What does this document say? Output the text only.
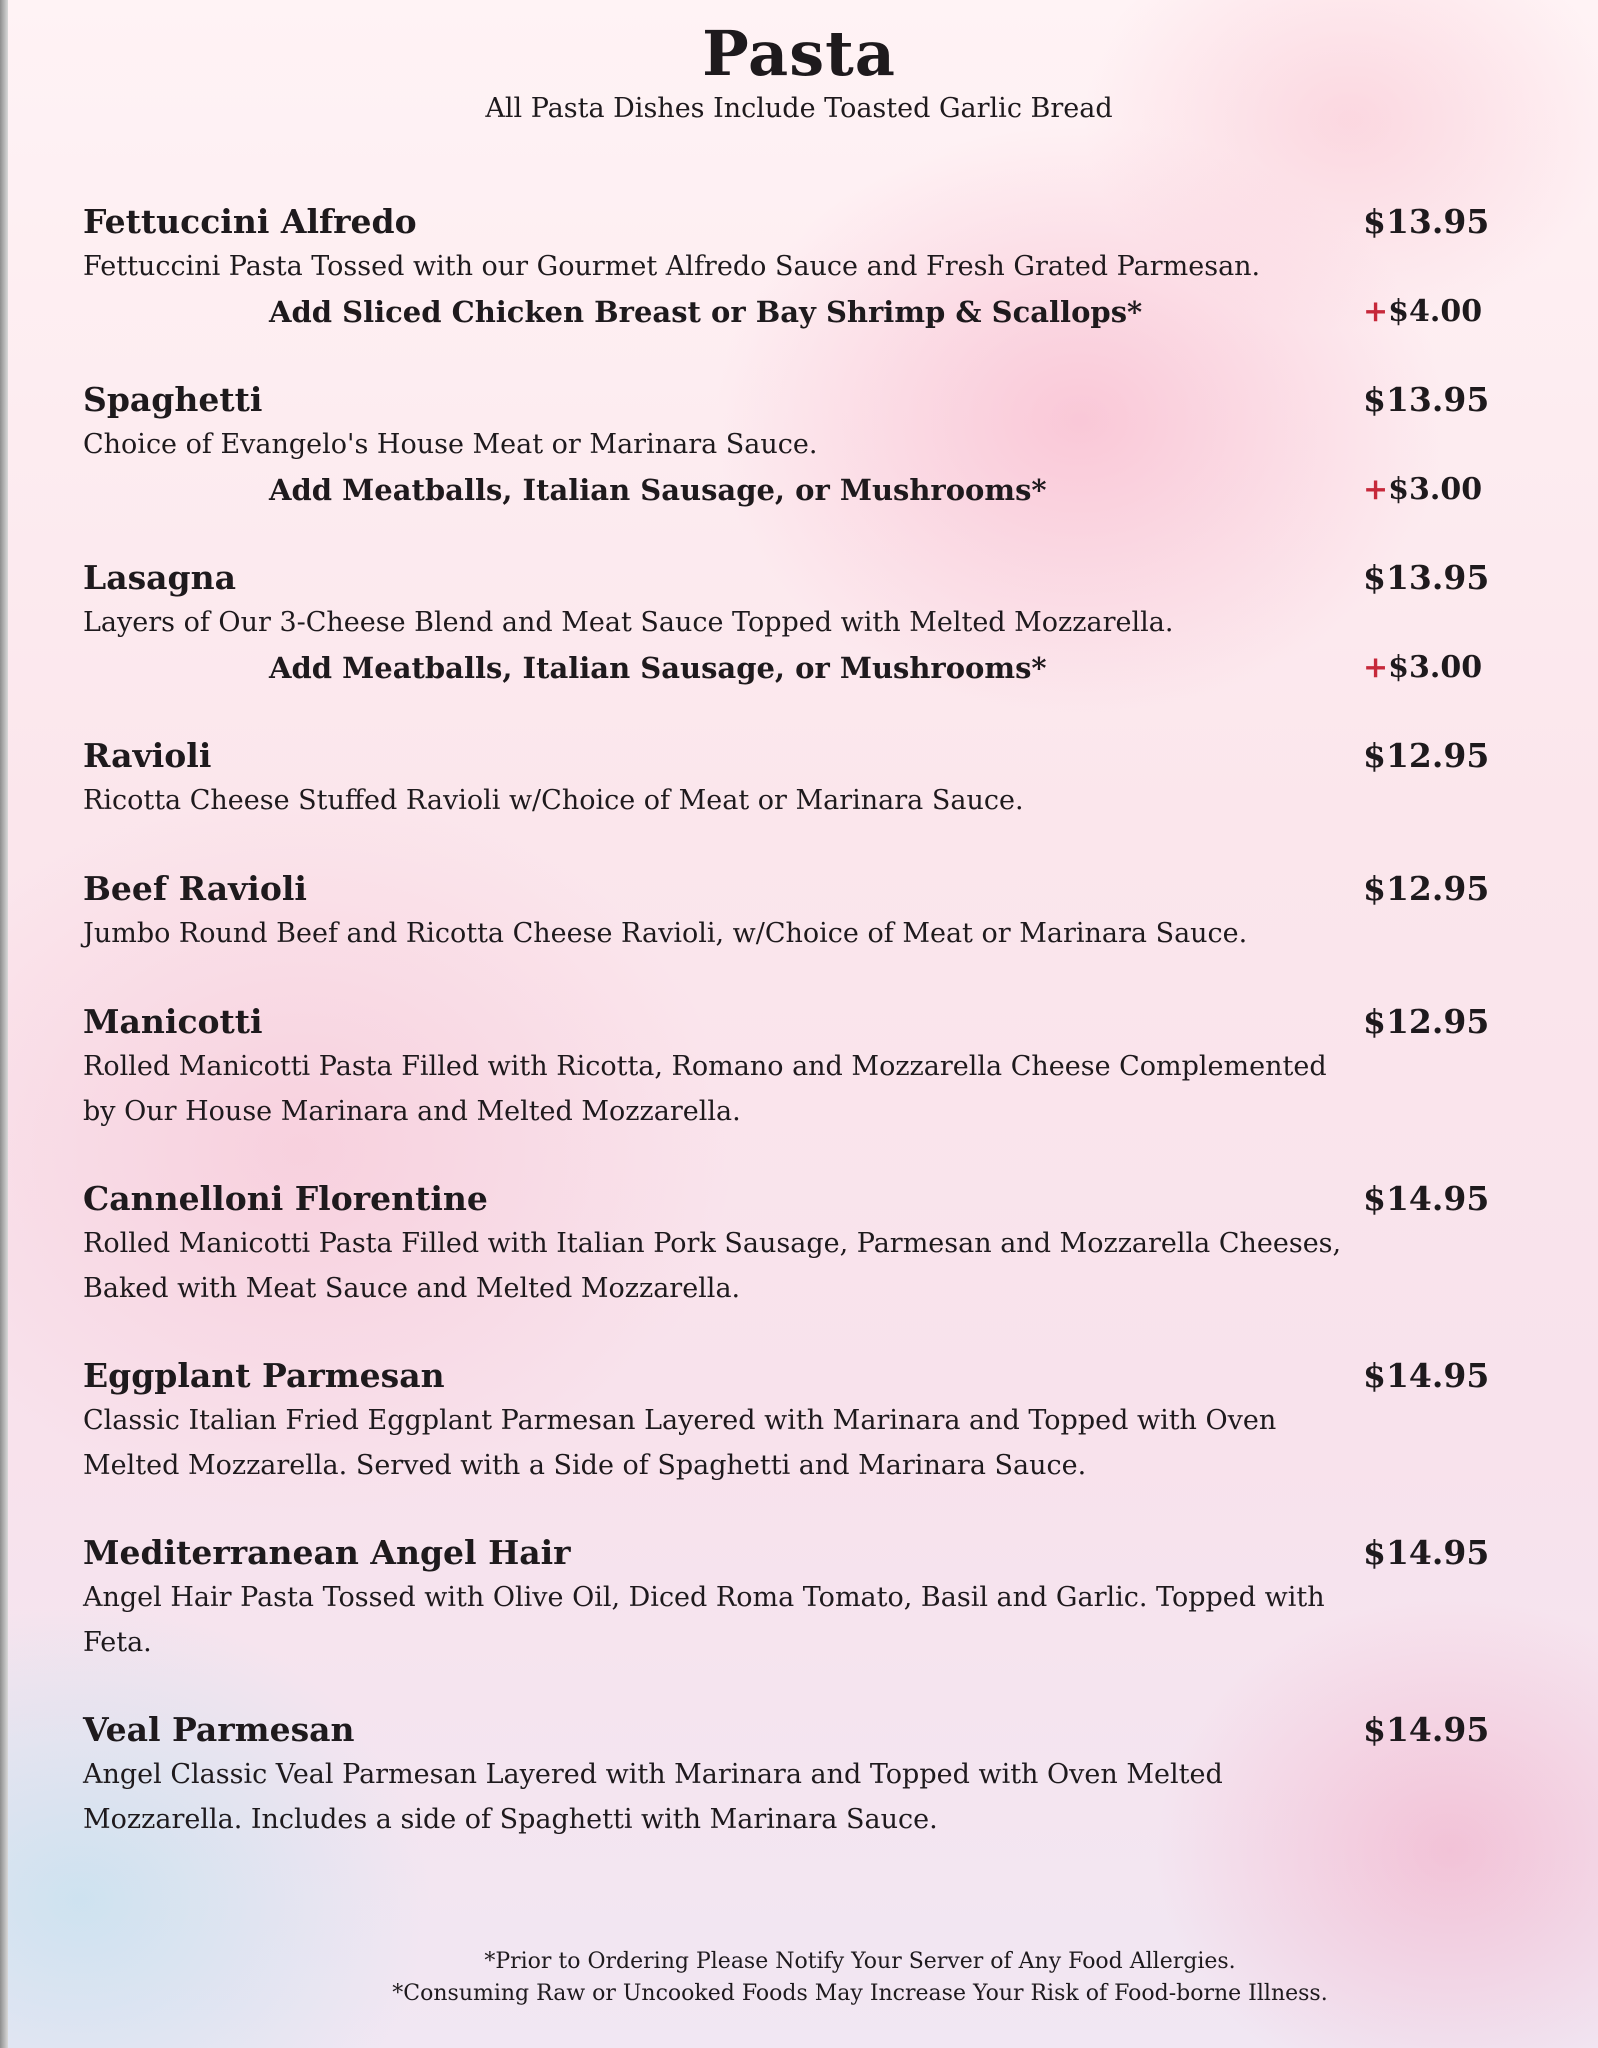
Pasta
All Pasta Dishes Include Toasted Garlic Bread
Fettuccini Alfredo	$13.95
Fettuccini Pasta Tossed with our Gourmet Alfredo Sauce and Fresh Grated Parmesan.
Add Sliced Chicken Breast or Bay Shrimp & Scallops*	+$4.00
Spaghetti	$13.95
Choice of Evangelo's House Meat or Marinara Sauce.
Add Meatballs, Italian Sausage, or Mushrooms*	+$3.00
Lasagna	$13.95
Layers of Our 3-Cheese Blend and Meat Sauce Topped with Melted Mozzarella.
Add Meatballs, Italian Sausage, or Mushrooms*	+$3.00
Ravioli	$12.95
Ricotta Cheese Stuffed Ravioli w/Choice of Meat or Marinara Sauce.
Beef Ravioli	$12.95
Jumbo Round Beef and Ricotta Cheese Ravioli, w/Choice of Meat or Marinara Sauce.
Manicotti	$12.95
Rolled Manicotti Pasta Filled with Ricotta, Romano and Mozzarella Cheese Complemented by Our House Marinara and Melted Mozzarella.
Cannelloni Florentine	$14.95
Rolled Manicotti Pasta Filled with Italian Pork Sausage, Parmesan and Mozzarella Cheeses, Baked with Meat Sauce and Melted Mozzarella.
Eggplant Parmesan	$14.95
Classic Italian Fried Eggplant Parmesan Layered with Marinara and Topped with Oven Melted Mozzarella. Served with a Side of Spaghetti and Marinara Sauce.
Mediterranean Angel Hair	$14.95
Angel Hair Pasta Tossed with Olive Oil, Diced Roma Tomato, Basil and Garlic. Topped with Feta.
Veal Parmesan	$14.95
Angel Classic Veal Parmesan Layered with Marinara and Topped with Oven Melted Mozzarella. Includes a side of Spaghetti with Marinara Sauce.
*Prior to Ordering Please Notify Your Server of Any Food Allergies.
*Consuming Raw or Uncooked Foods May Increase Your Risk of Food-borne Illness.
